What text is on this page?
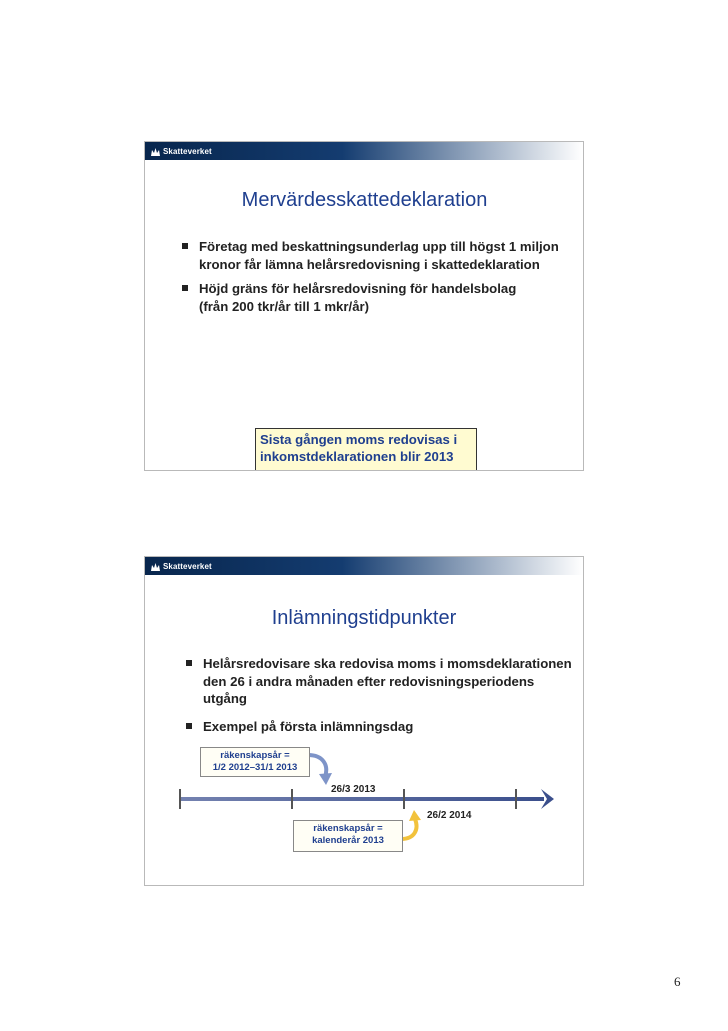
Skatteverket
Mervärdesskattedeklaration
Företag med beskattningsunderlag upp till högst 1 miljon kronor får lämna helårsredovisning i skattedeklaration
Höjd gräns för helårsredovisning för handelsbolag
(från 200 tkr/år till 1 mkr/år)
Sista gången moms redovisas i inkomstdeklarationen blir 2013
Skatteverket
Inlämningstidpunkter
Helårsredovisare ska redovisa moms i momsdeklarationen den 26 i andra månaden efter redovisningsperiodens utgång
Exempel på första inlämningsdag
räkenskapsår =
1/2 2012–31/1 2013
26/3 2013
26/2 2014
räkenskapsår =
kalenderår 2013
6
